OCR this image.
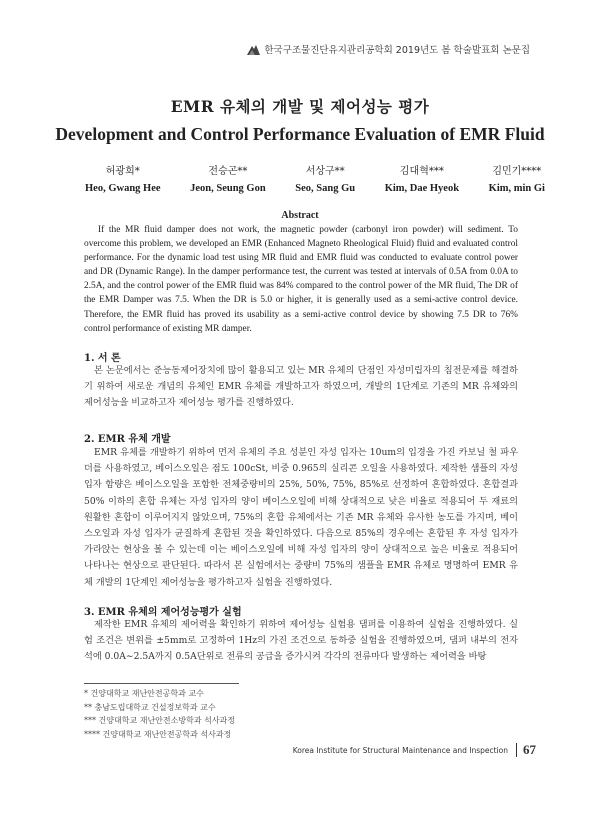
한국구조물진단유지관리공학회 2019년도 봄 학술발표회 논문집
EMR 유체의 개발 및 제어성능 평가
Development and Control Performance Evaluation of EMR Fluid
허광희*
Heo, Gwang Hee
전승곤**
Jeon, Seung Gon
서상구**
Seo, Sang Gu
김대혁***
Kim, Dae Hyeok
김민기****
Kim, min Gi
Abstract
If the MR fluid damper does not work, the magnetic powder (carbonyl iron powder) will sediment. To overcome this problem, we developed an EMR (Enhanced Magneto Rheological Fluid) fluid and evaluated control performance. For the dynamic load test using MR fluid and EMR fluid was conducted to evaluate control power and DR (Dynamic Range). In the damper performance test, the current was tested at intervals of 0.5A from 0.0A to 2.5A, and the control power of the EMR fluid was 84% compared to the control power of the MR fluid, The DR of the EMR Damper was 7.5. When the DR is 5.0 or higher, it is generally used as a semi-active control device. Therefore, the EMR fluid has proved its usability as a semi-active control device by showing 7.5 DR to 76% control performance of existing MR damper.
1. 서 론
본 논문에서는 준능동제어장치에 많이 활용되고 있는 MR 유체의 단점인 자성미립자의 침전문제를 해결하기 위하여 새로운 개념의 유체인 EMR 유체를 개발하고자 하였으며, 개발의 1단계로 기존의 MR 유체와의 제어성능을 비교하고자 제어성능 평가를 진행하였다.
2. EMR 유체 개발
EMR 유체를 개발하기 위하여 먼저 유체의 주요 성분인 자성 입자는 10um의 입경을 가진 카보닐 철 파우더를 사용하였고, 베이스오일은 점도 100cSt, 비중 0.965의 실리콘 오일을 사용하였다. 제작한 샘플의 자성 입자 함량은 베이스오일을 포함한 전체중량비의 25%, 50%, 75%, 85%로 선정하여 혼합하였다. 혼합결과 50% 이하의 혼합 유체는 자성 입자의 양이 베이스오일에 비해 상대적으로 낮은 비율로 적용되어 두 재료의 원활한 혼합이 이루어지지 않았으며, 75%의 혼합 유체에서는 기존 MR 유체와 유사한 농도를 가지며, 베이스오일과 자성 입자가 균질하게 혼합된 것을 확인하였다. 다음으로 85%의 경우에는 혼합된 후 자성 입자가 가라앉는 현상을 볼 수 있는데 이는 베이스오일에 비해 자성 입자의 양이 상대적으로 높은 비율로 적용되어 나타나는 현상으로 판단된다. 따라서 본 실험에서는 중량비 75%의 샘플을 EMR 유체로 명명하여 EMR 유체 개발의 1단계인 제어성능을 평가하고자 실험을 진행하였다.
3. EMR 유체의 제어성능평가 실험
제작한 EMR 유체의 제어력을 확인하기 위하여 제어성능 실험용 댐퍼를 이용하여 실험을 진행하였다. 실험 조건은 변위를 ±5mm로 고정하여 1Hz의 가진 조건으로 동하중 실험을 진행하였으며, 댐퍼 내부의 전자석에 0.0A∼2.5A까지 0.5A단위로 전류의 공급을 증가시켜 각각의 전류마다 발생하는 제어력을 바탕
* 건양대학교 재난안전공학과 교수
** 충남도립대학교 건설정보학과 교수
*** 건양대학교 재난안전소방학과 석사과정
**** 건양대학교 재난안전공학과 석사과정
Korea Institute for Structural Maintenance and Inspection	67
